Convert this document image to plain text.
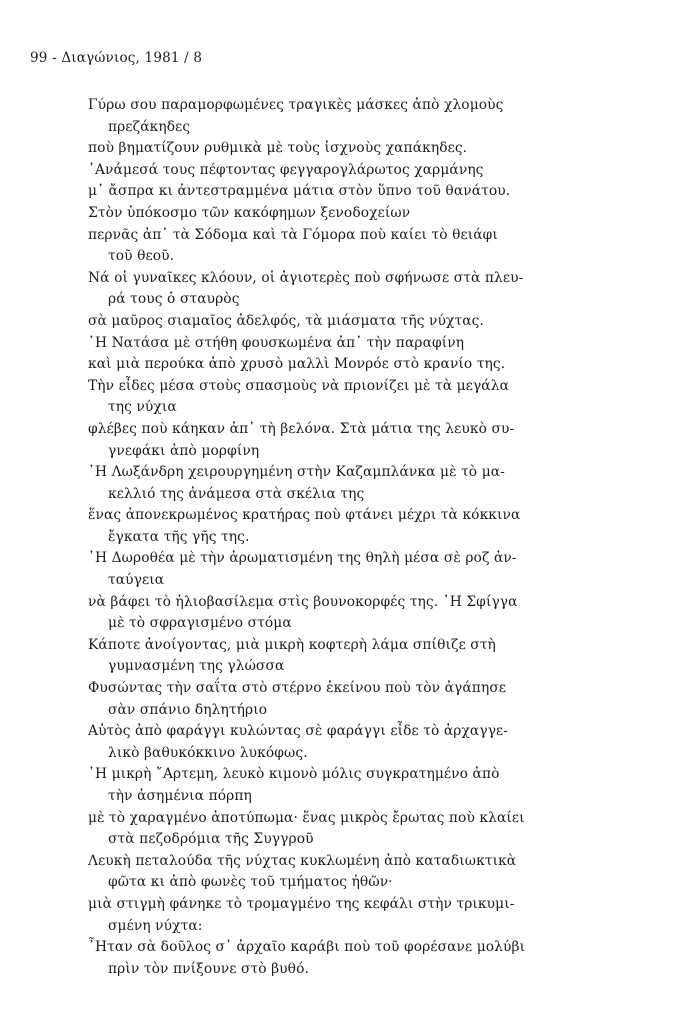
99 - Διαγώνιος, 1981 / 8
Γύρω σου παραμορφωμένες τραγικὲς μάσκες ἀπὸ χλομοὺς
πρεζάκηδες
ποὺ βηματίζουν ρυθμικὰ μὲ τοὺς ἰσχνοὺς χαπάκηδες.
᾿Ανάμεσά τους πέφτοντας φεγγαρογλάρωτος χαρμάνης
μ᾿ ἄσπρα κι ἀντεστραμμένα μάτια στὸν ὕπνο τοῦ θανάτου.
Στὸν ὑπόκοσμο τῶν κακόφημων ξενοδοχείων
περνᾶς ἀπ᾿ τὰ Σόδομα καὶ τὰ Γόμορα ποὺ καίει τὸ θειάφι
τοῦ θεοῦ.
Νά οἱ γυναῖκες κλόουν, οἱ ἁγιοτερὲς ποὺ σφήνωσε στὰ πλευ-
ρά τους ὁ σταυρὸς
σὰ μαῦρος σιαμαῖος ἀδελφός, τὰ μιάσματα τῆς νύχτας.
῾Η Νατάσα μὲ στήθη φουσκωμένα ἀπ᾿ τὴν παραφίνη
καὶ μιὰ περούκα ἀπὸ χρυσὸ μαλλὶ Μονρόε στὸ κρανίο της.
Τὴν εἶδες μέσα στοὺς σπασμοὺς νὰ πριονίζει μὲ τὰ μεγάλα
της νύχια
φλέβες ποὺ κάηκαν ἀπ᾿ τὴ βελόνα. Στὰ μάτια της λευκὸ συ-
γνεφάκι ἀπὸ μορφίνη
῾Η Λωξάνδρη χειρουργημένη στὴν Καζαμπλάνκα μὲ τὸ μα-
κελλιό της ἀνάμεσα στὰ σκέλια της
ἕνας ἀπονεκρωμένος κρατήρας ποὺ φτάνει μέχρι τὰ κόκκινα
ἔγκατα τῆς γῆς της.
῾Η Δωροθέα μὲ τὴν ἀρωματισμένη της θηλὴ μέσα σὲ ροζ ἀν-
ταύγεια
νὰ βάφει τὸ ἡλιοβασίλεμα στὶς βουνοκορφές της. ῾Η Σφίγγα
μὲ τὸ σφραγισμένο στόμα
Κάποτε ἀνοίγοντας, μιὰ μικρὴ κοφτερὴ λάμα σπίθιζε στὴ
γυμνασμένη της γλώσσα
Φυσώντας τὴν σαΐτα στὸ στέρνο ἐκείνου ποὺ τὸν ἀγάπησε
σὰν σπάνιο δηλητήριο
Αὐτὸς ἀπὸ φαράγγι κυλώντας σὲ φαράγγι εἶδε τὸ ἀρχαγγε-
λικὸ βαθυκόκκινο λυκόφως.
῾Η μικρὴ ῎Αρτεμη, λευκὸ κιμονὸ μόλις συγκρατημένο ἀπὸ
τὴν ἀσημένια πόρπη
μὲ τὸ χαραγμένο ἀποτύπωμα· ἕνας μικρὸς ἔρωτας ποὺ κλαίει
στὰ πεζοδρόμια τῆς Συγγροῦ
Λευκὴ πεταλούδα τῆς νύχτας κυκλωμένη ἀπὸ καταδιωκτικὰ
φῶτα κι ἀπὸ φωνὲς τοῦ τμήματος ἠθῶν·
μιὰ στιγμὴ φάνηκε τὸ τρομαγμένο της κεφάλι στὴν τρικυμι-
σμένη νύχτα:
῏Ηταν σὰ δοῦλος σ᾿ ἀρχαῖο καράβι ποὺ τοῦ φορέσανε μολύβι
πρὶν τὸν πνίξουνε στὸ βυθό.
